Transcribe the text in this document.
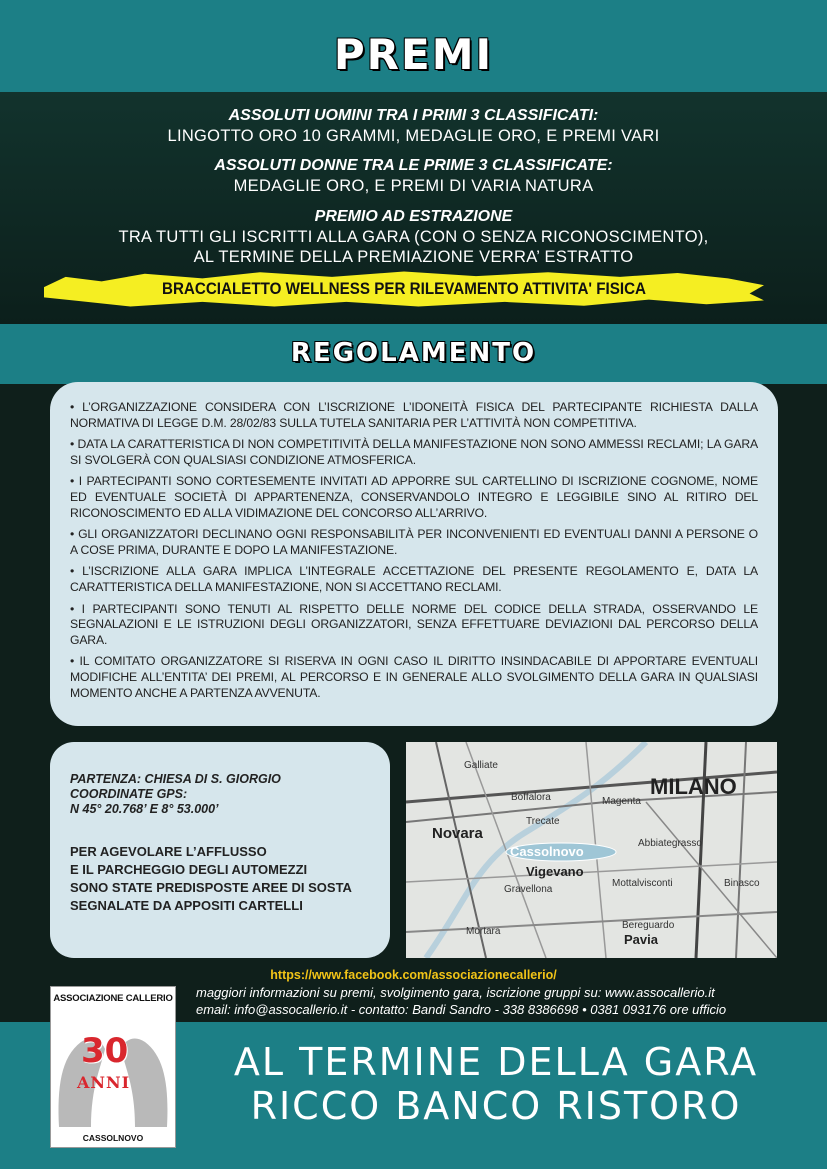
PREMI
ASSOLUTI UOMINI TRA I PRIMI 3 CLASSIFICATI:
LINGOTTO ORO 10 GRAMMI, MEDAGLIE ORO, E PREMI VARI
ASSOLUTI DONNE TRA LE PRIME 3 CLASSIFICATE:
MEDAGLIE ORO, E PREMI DI VARIA NATURA
PREMIO AD ESTRAZIONE
TRA TUTTI GLI ISCRITTI ALLA GARA (CON O SENZA RICONOSCIMENTO),
AL TERMINE DELLA PREMIAZIONE VERRA’ ESTRATTO
BRACCIALETTO WELLNESS PER RILEVAMENTO ATTIVITA' FISICA
REGOLAMENTO

• L’ORGANIZZAZIONE CONSIDERA CON L’ISCRIZIONE L’IDONEITÀ FISICA DEL PARTECIPANTE RICHIESTA DALLA NORMATIVA DI LEGGE D.M. 28/02/83 SULLA TUTELA SANITARIA PER L’ATTIVITÀ NON COMPETITIVA.

• DATA LA CARATTERISTICA DI NON COMPETITIVITÀ DELLA MANIFESTAZIONE NON SONO AMMESSI RECLAMI; LA GARA SI SVOLGERÀ CON QUALSIASI CONDIZIONE ATMOSFERICA.

• I PARTECIPANTI SONO CORTESEMENTE INVITATI AD APPORRE SUL CARTELLINO DI ISCRIZIONE COGNOME, NOME ED EVENTUALE SOCIETÀ DI APPARTENENZA, CONSERVANDOLO INTEGRO E LEGGIBILE SINO AL RITIRO DEL RICONOSCIMENTO ED ALLA VIDIMAZIONE DEL CONCORSO ALL’ARRIVO.

• GLI ORGANIZZATORI DECLINANO OGNI RESPONSABILITÀ PER INCONVENIENTI ED EVENTUALI DANNI A PERSONE O A COSE PRIMA, DURANTE E DOPO LA MANIFESTAZIONE.

• L’ISCRIZIONE ALLA GARA IMPLICA L’INTEGRALE ACCETTAZIONE DEL PRESENTE REGOLAMENTO E, DATA LA CARATTERISTICA DELLA MANIFESTAZIONE, NON SI ACCETTANO RECLAMI.

• I PARTECIPANTI SONO TENUTI AL RISPETTO DELLE NORME DEL CODICE DELLA STRADA, OSSERVANDO LE SEGNALAZIONI E LE ISTRUZIONI DEGLI ORGANIZZATORI, SENZA EFFETTUARE DEVIAZIONI DAL PERCORSO DELLA GARA.

• IL COMITATO ORGANIZZATORE SI RISERVA IN OGNI CASO IL DIRITTO INSINDACABILE DI APPORTARE EVENTUALI MODIFICHE ALL’ENTITA’ DEI PREMI, AL PERCORSO E IN GENERALE ALLO SVOLGIMENTO DELLA GARA IN QUALSIASI MOMENTO ANCHE A PARTENZA AVVENUTA.

PARTENZA: CHIESA DI S. GIORGIO
COORDINATE GPS:
N 45° 20.768’ E 8° 53.000’
PER AGEVOLARE L’AFFLUSSO
E IL PARCHEGGIO DEGLI AUTOMEZZI
SONO STATE PREDISPOSTE AREE DI SOSTA
SEGNALATE DA APPOSITI CARTELLI
Galliate
Boffalora	Magenta
MILANO
Novara
Trecate
Abbiategrasso
Cassolnovo
Vigevano
Gravellona
Mottalvisconti	Binasco
Mortara
Bereguardo
Pavia
https://www.facebook.com/associazionecallerio/
maggiori informazioni su premi, svolgimento gara, iscrizione gruppi su: www.assocallerio.it
email: info@assocallerio.it - contatto: Bandi Sandro - 338 8386698 • 0381 093176 ore ufficio
ASSOCIAZIONE CALLERIO
30
ANNI
CASSOLNOVO
AL TERMINE DELLA GARA
RICCO BANCO RISTORO
